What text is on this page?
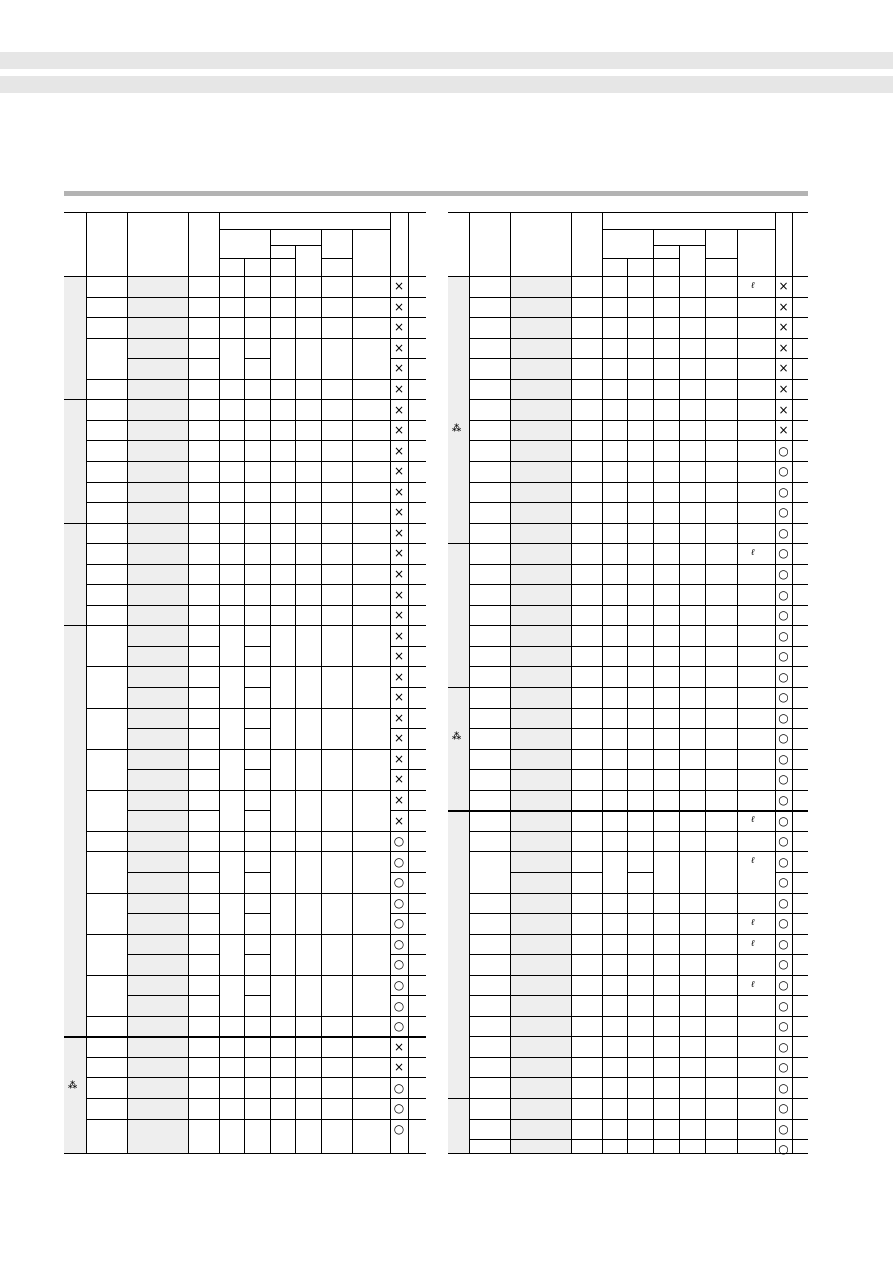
×
×
×
×
×
×
×
×
×
×
×
×
×
×
×
×
×
×
×
×
×
×
×
×
×
×
×
○
○
○
○
○
○
○
○
○
○
×
×
○
○
○
⁂
×
×
×
×
×
×
×
×
○
○
○
○
○
○
○
○
○
○
○
○
○
○
○
○
○
○
○
○
○
○
○
○
○
○
○
○
○
○
○
○
○
○
○
ℓ
ℓ
ℓ
ℓ
ℓ
ℓ
ℓ
⁂
⁂
